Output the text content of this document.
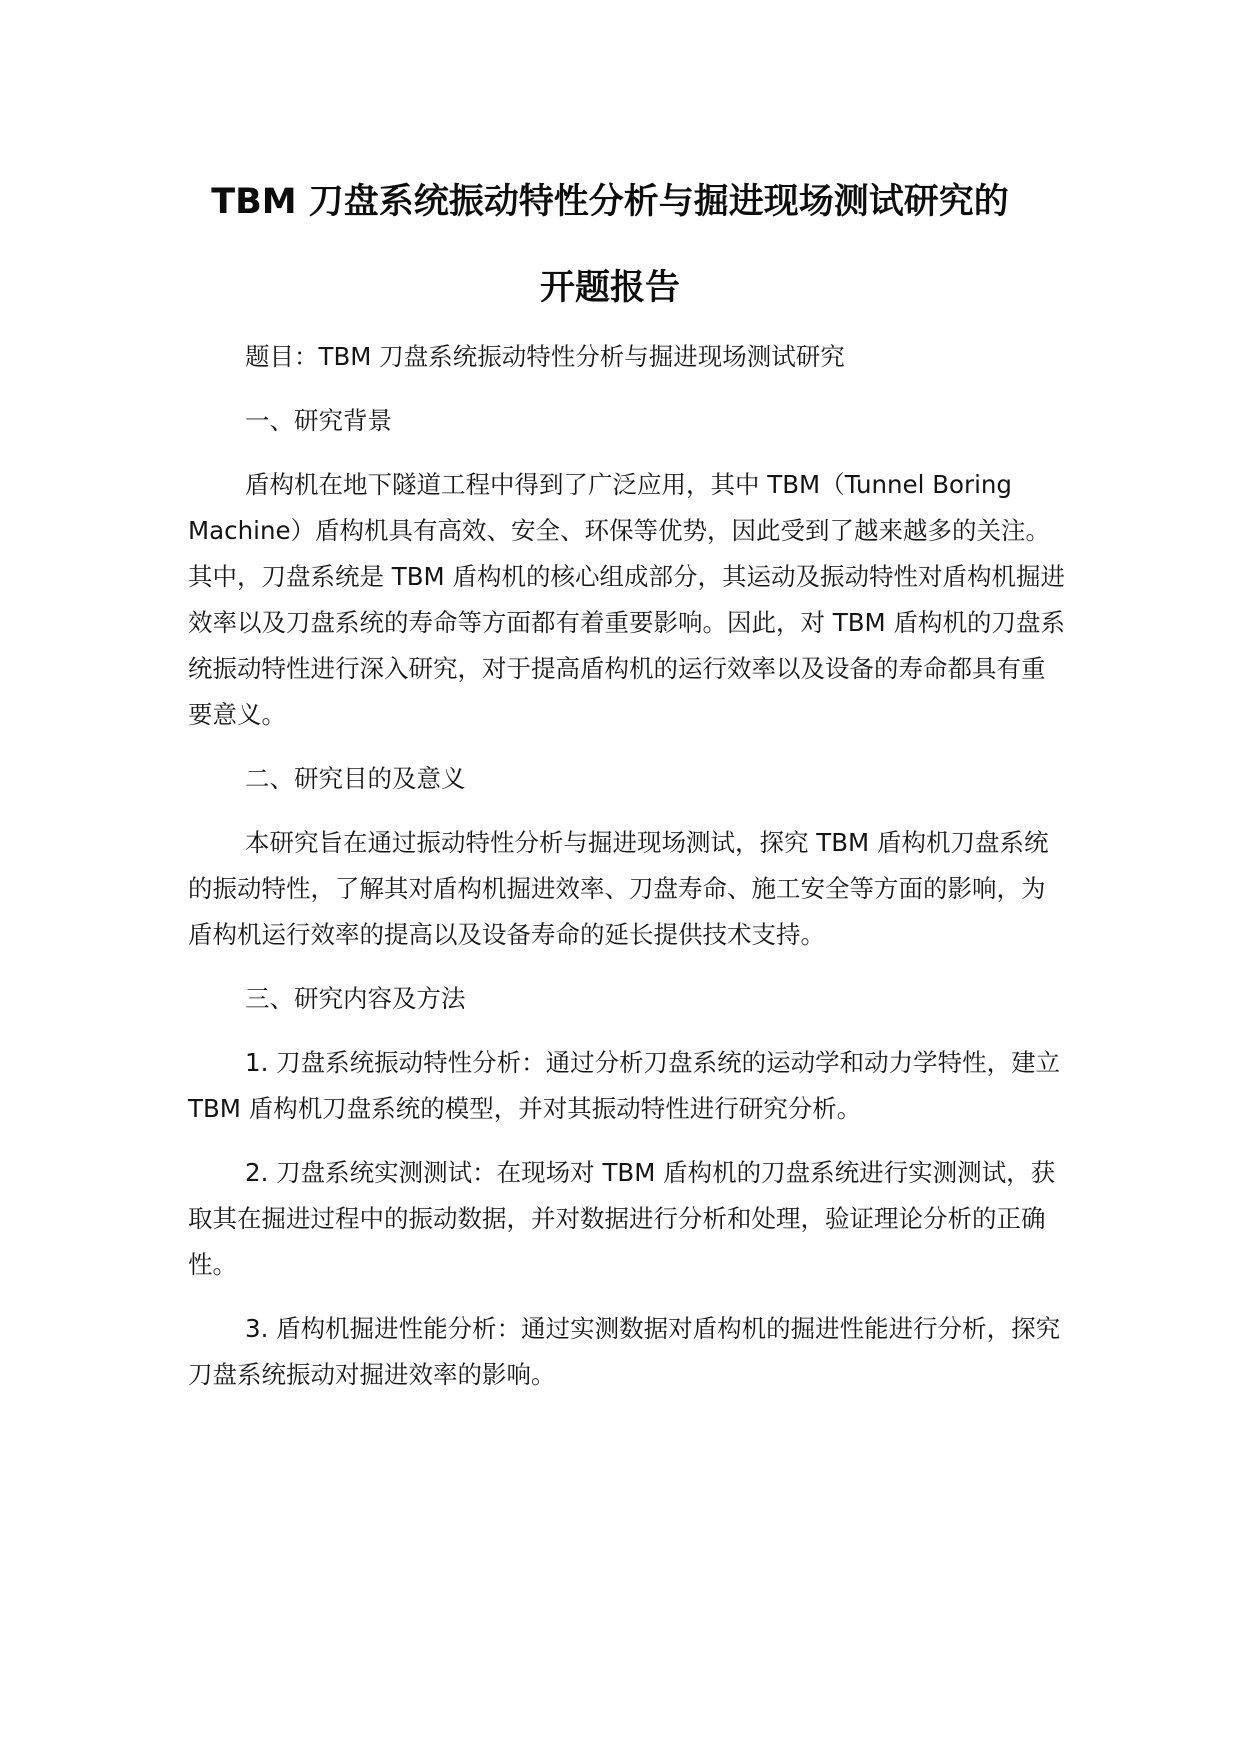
TBM 刀盘系统振动特性分析与掘进现场测试研究的
开题报告

题目：TBM 刀盘系统振动特性分析与掘进现场测试研究

一、研究背景

盾构机在地下隧道工程中得到了广泛应用，其中 TBM（Tunnel Boring Machine）盾构机具有高效、安全、环保等优势，因此受到了越来越多的关注。其中，刀盘系统是 TBM 盾构机的核心组成部分，其运动及振动特性对盾构机掘进效率以及刀盘系统的寿命等方面都有着重要影响。因此，对 TBM 盾构机的刀盘系统振动特性进行深入研究，对于提高盾构机的运行效率以及设备的寿命都具有重要意义。

二、研究目的及意义

本研究旨在通过振动特性分析与掘进现场测试，探究 TBM 盾构机刀盘系统的振动特性，了解其对盾构机掘进效率、刀盘寿命、施工安全等方面的影响，为盾构机运行效率的提高以及设备寿命的延长提供技术支持。

三、研究内容及方法

1. 刀盘系统振动特性分析：通过分析刀盘系统的运动学和动力学特性，建立 TBM 盾构机刀盘系统的模型，并对其振动特性进行研究分析。

2. 刀盘系统实测测试：在现场对 TBM 盾构机的刀盘系统进行实测测试，获取其在掘进过程中的振动数据，并对数据进行分析和处理，验证理论分析的正确性。

3. 盾构机掘进性能分析：通过实测数据对盾构机的掘进性能进行分析，探究刀盘系统振动对掘进效率的影响。
